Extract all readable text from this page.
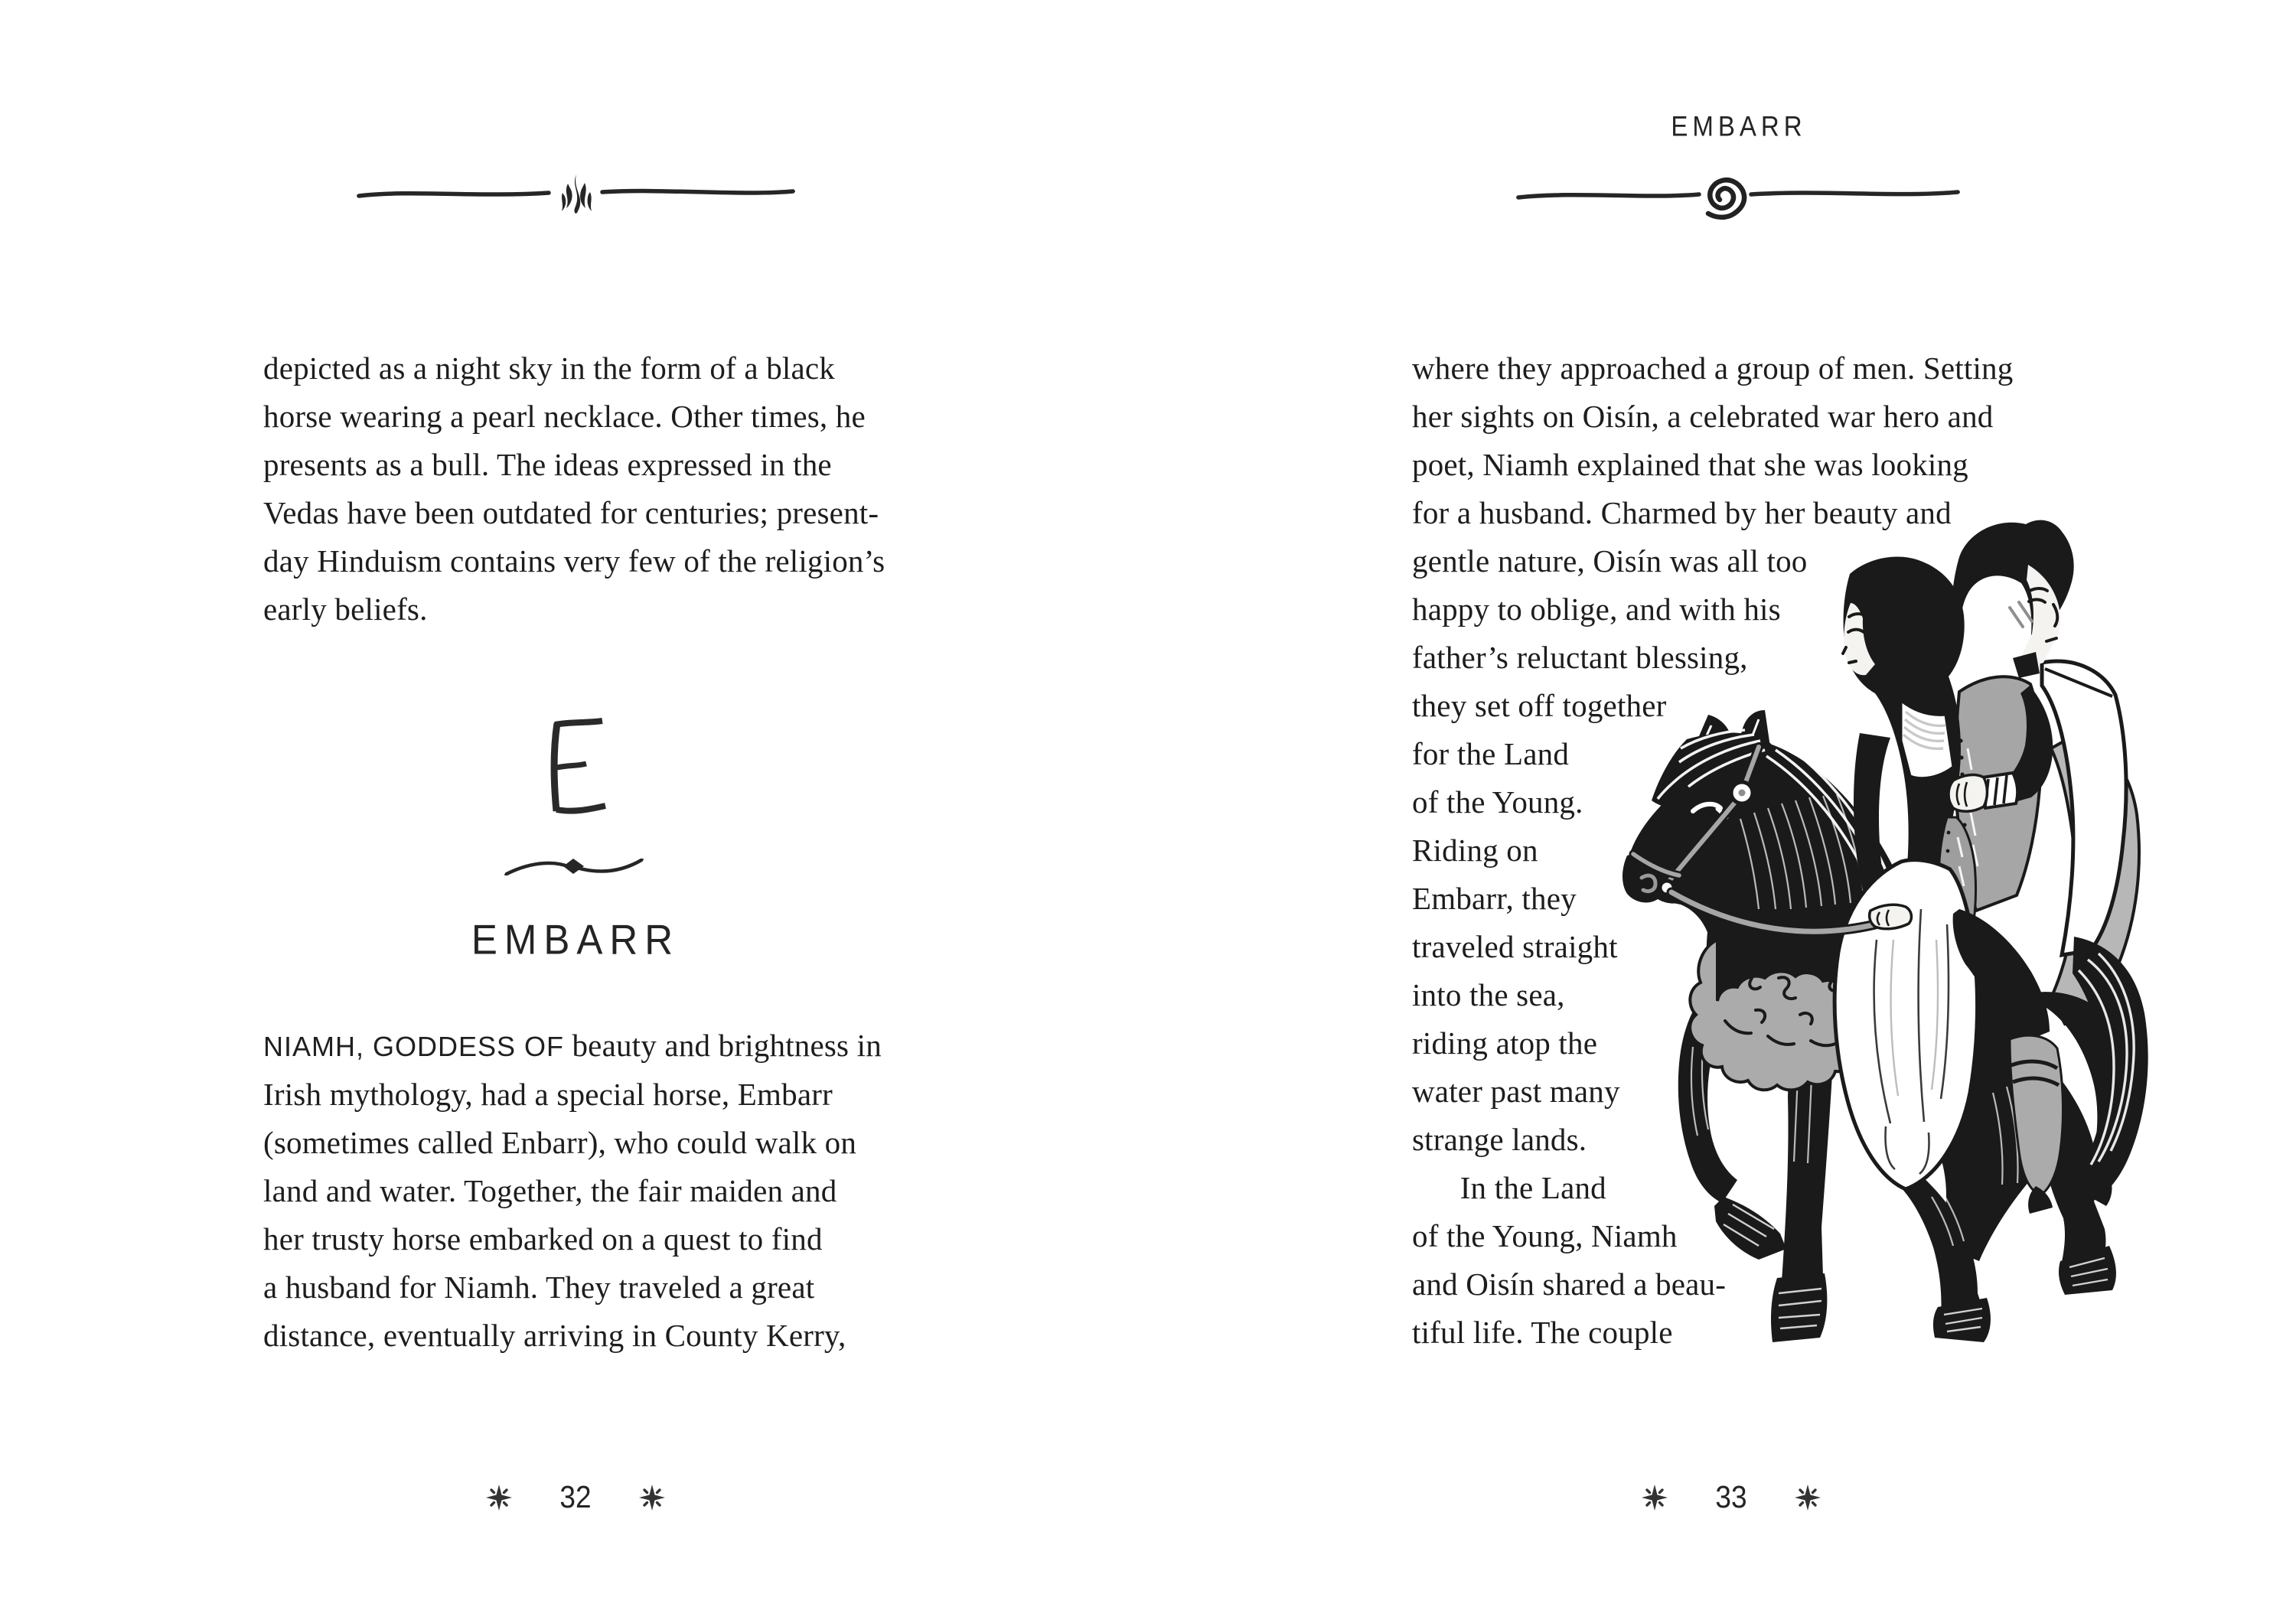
depicted as a night sky in the form of a black
horse wearing a pearl necklace. Other times, he
presents as a bull. The ideas expressed in the
Vedas have been outdated for centuries; present-
day Hinduism contains very few of the religion’s
early beliefs.
EMBARR
NIAMH, GODDESS OF beauty and brightness in
Irish mythology, had a special horse, Embarr
(sometimes called Enbarr), who could walk on
land and water. Together, the fair maiden and
her trusty horse embarked on a quest to find
a husband for Niamh. They traveled a great
distance, eventually arriving in County Kerry,
32
EMBARR
where they approached a group of men. Setting
her sights on Oisín, a celebrated war hero and
poet, Niamh explained that she was looking
for a husband. Charmed by her beauty and
gentle nature, Oisín was all too
happy to oblige, and with his
father’s reluctant blessing,
they set off together
for the Land
of the Young.
Riding on
Embarr, they
traveled straight
into the sea,
riding atop the
water past many
strange lands.
In the Land
of the Young, Niamh
and Oisín shared a beau-
tiful life. The couple
33
